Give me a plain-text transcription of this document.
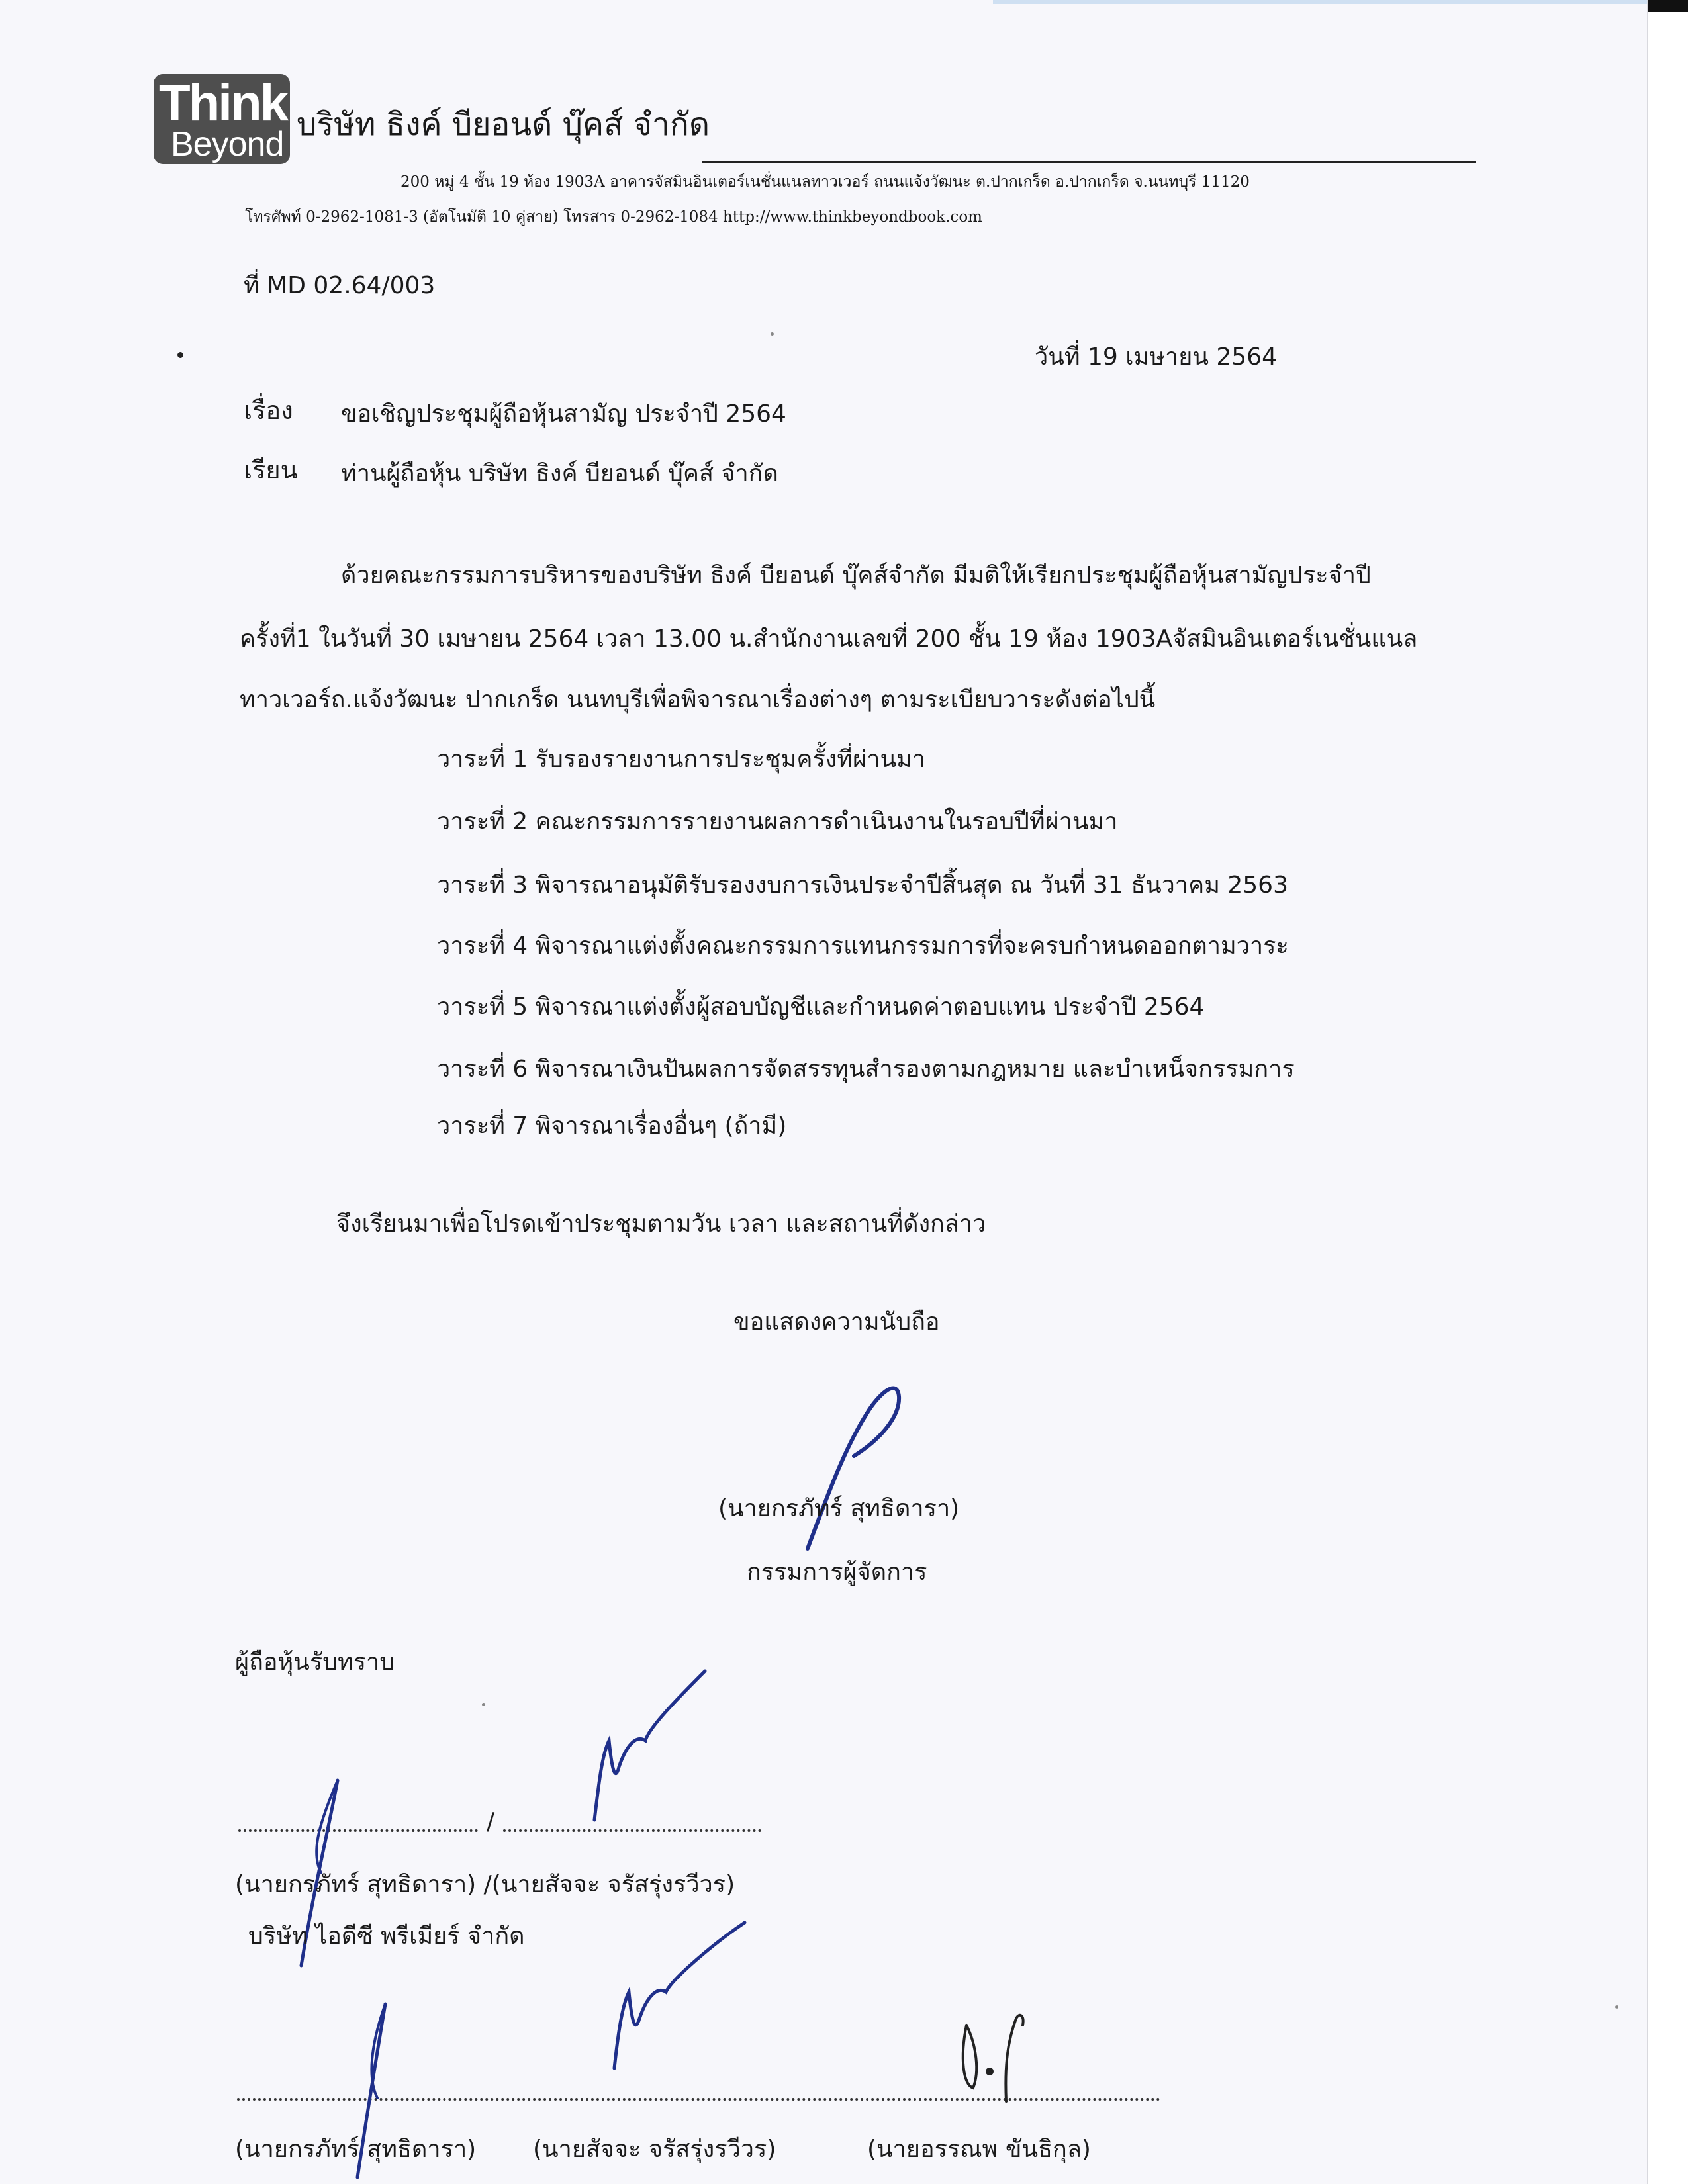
Think
Beyond
บริษัท ธิงค์ บียอนด์ บุ๊คส์ จำกัด
200 หมู่ 4 ชั้น 19 ห้อง 1903A อาคารจัสมินอินเตอร์เนชั่นแนลทาวเวอร์ ถนนแจ้งวัฒนะ ต.ปากเกร็ด อ.ปากเกร็ด จ.นนทบุรี 11120
โทรศัพท์ 0-2962-1081-3 (อัตโนมัติ 10 คู่สาย) โทรสาร 0-2962-1084 http://www.thinkbeyondbook.com
ที่ MD 02.64/003
วันที่ 19 เมษายน 2564
เรื่อง ขอเชิญประชุมผู้ถือหุ้นสามัญ ประจำปี 2564
เรียน ท่านผู้ถือหุ้น บริษัท ธิงค์ บียอนด์ บุ๊คส์ จำกัด
ด้วยคณะกรรมการบริหารของบริษัท ธิงค์ บียอนด์ บุ๊คส์จำกัด มีมติให้เรียกประชุมผู้ถือหุ้นสามัญประจำปี
ครั้งที่1 ในวันที่ 30 เมษายน 2564 เวลา 13.00 น.สำนักงานเลขที่ 200 ชั้น 19 ห้อง 1903Aจัสมินอินเตอร์เนชั่นแนล
ทาวเวอร์ถ.แจ้งวัฒนะ ปากเกร็ด นนทบุรีเพื่อพิจารณาเรื่องต่างๆ ตามระเบียบวาระดังต่อไปนี้
วาระที่ 1 รับรองรายงานการประชุมครั้งที่ผ่านมา
วาระที่ 2 คณะกรรมการรายงานผลการดำเนินงานในรอบปีที่ผ่านมา
วาระที่ 3 พิจารณาอนุมัติรับรองงบการเงินประจำปีสิ้นสุด ณ วันที่ 31 ธันวาคม 2563
วาระที่ 4 พิจารณาแต่งตั้งคณะกรรมการแทนกรรมการที่จะครบกำหนดออกตามวาระ
วาระที่ 5 พิจารณาแต่งตั้งผู้สอบบัญชีและกำหนดค่าตอบแทน ประจำปี 2564
วาระที่ 6 พิจารณาเงินปันผลการจัดสรรทุนสำรองตามกฎหมาย และบำเหน็จกรรมการ
วาระที่ 7 พิจารณาเรื่องอื่นๆ (ถ้ามี)
จึงเรียนมาเพื่อโปรดเข้าประชุมตามวัน เวลา และสถานที่ดังกล่าว
ขอแสดงความนับถือ
(นายกรภัทร์ สุทธิดารา)
กรรมการผู้จัดการ
ผู้ถือหุ้นรับทราบ
/
(นายกรภัทร์ สุทธิดารา) /(นายสัจจะ จรัสรุ่งรวีวร)
บริษัท ไอดีซี พรีเมียร์ จำกัด
(นายกรภัทร์ สุทธิดารา) (นายสัจจะ จรัสรุ่งรวีวร)	(นายอรรณพ ขันธิกุล)
